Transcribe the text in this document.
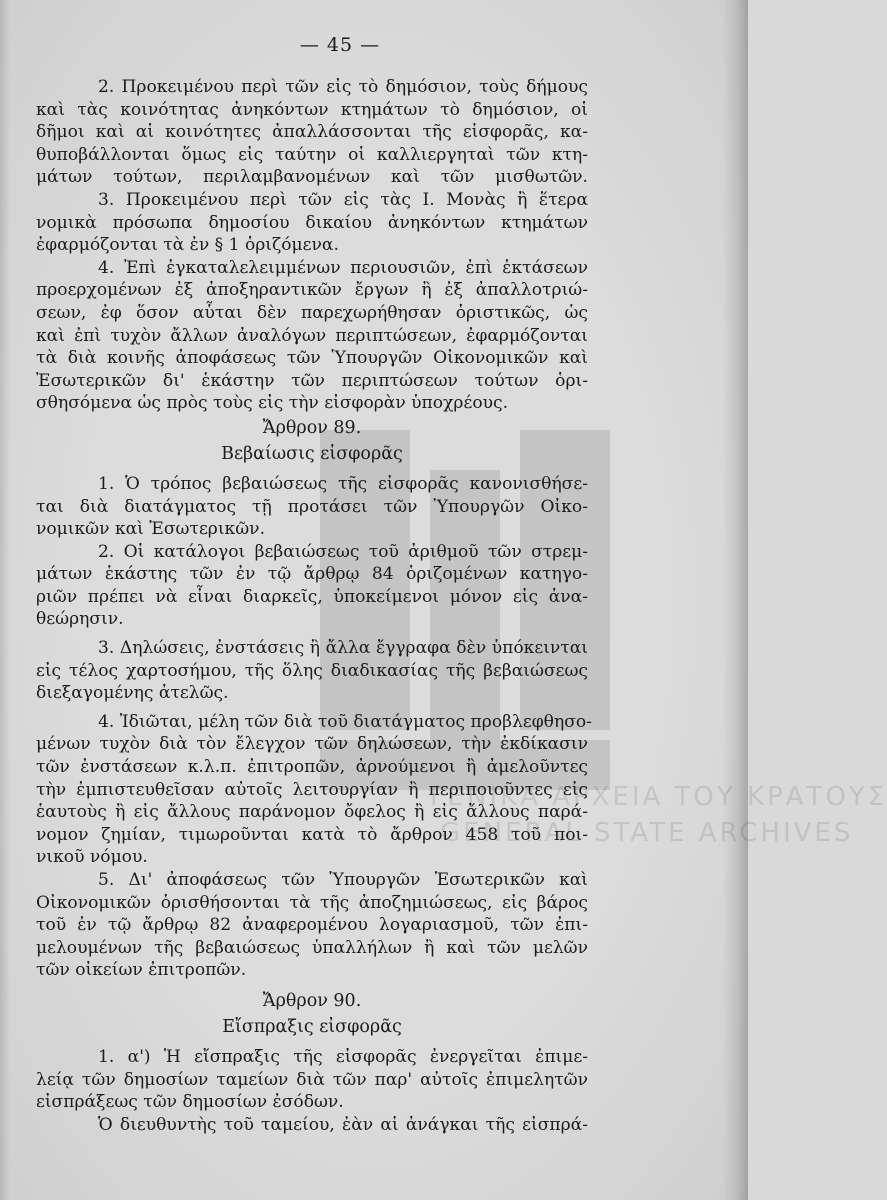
ΓΕΝΙΚΑ ΑΡΧΕΙΑ ΤΟΥ ΚΡΑΤΟΥΣ
GENERAL STATE ARCHIVES
— 45 —
2. Προκειμένου περὶ τῶν εἰς τὸ δημόσιον, τοὺς δήμους
καὶ τὰς κοινότητας ἀνηκόντων κτημάτων τὸ δημόσιον, οἱ
δῆμοι καὶ αἱ κοινότητες ἀπαλλάσσονται τῆς εἰσφορᾶς, κα-
θυποβάλλονται ὅμως εἰς ταύτην οἱ καλλιεργηταὶ τῶν κτη-
μάτων τούτων, περιλαμβανομένων καὶ τῶν μισθωτῶν.
3. Προκειμένου περὶ τῶν εἰς τὰς Ι. Μονὰς ἢ ἕτερα
νομικὰ πρόσωπα δημοσίου δικαίου ἀνηκόντων κτημάτων
ἐφαρμόζονται τὰ ἐν § 1 ὁριζόμενα.
4. Ἐπὶ ἐγκαταλελειμμένων περιουσιῶν, ἐπὶ ἐκτάσεων
προερχομένων ἐξ ἀποξηραντικῶν ἔργων ἢ ἐξ ἀπαλλοτριώ-
σεων, ἐφ ὅσον αὗται δὲν παρεχωρήθησαν ὁριστικῶς, ὡς
καὶ ἐπὶ τυχὸν ἄλλων ἀναλόγων περιπτώσεων, ἐφαρμόζονται
τὰ διὰ κοινῆς ἀποφάσεως τῶν Ὑπουργῶν Οἰκονομικῶν καὶ
Ἐσωτερικῶν δι' ἑκάστην τῶν περιπτώσεων τούτων ὁρι-
σθησόμενα ὡς πρὸς τοὺς εἰς τὴν εἰσφορὰν ὑποχρέους.
Ἄρθρον 89.
Βεβαίωσις εἰσφορᾶς
1. Ὁ τρόπος βεβαιώσεως τῆς εἰσφορᾶς κανονισθήσε-
ται διὰ διατάγματος τῇ προτάσει τῶν Ὑπουργῶν Οἰκο-
νομικῶν καὶ Ἐσωτερικῶν.
2. Οἱ κατάλογοι βεβαιώσεως τοῦ ἀριθμοῦ τῶν στρεμ-
μάτων ἑκάστης τῶν ἐν τῷ ἄρθρῳ 84 ὁριζομένων κατηγο-
ριῶν πρέπει νὰ εἶναι διαρκεῖς, ὑποκείμενοι μόνον εἰς ἀνα-
θεώρησιν.
3. Δηλώσεις, ἐνστάσεις ἢ ἄλλα ἔγγραφα δὲν ὑπόκεινται
εἰς τέλος χαρτοσήμου, τῆς ὅλης διαδικασίας τῆς βεβαιώσεως
διεξαγομένης ἀτελῶς.
4. Ἰδιῶται, μέλη τῶν διὰ τοῦ διατάγματος προβλεφθησο-
μένων τυχὸν διὰ τὸν ἔλεγχον τῶν δηλώσεων, τὴν ἐκδίκασιν
τῶν ἐνστάσεων κ.λ.π. ἐπιτροπῶν, ἀρνούμενοι ἢ ἀμελοῦντες
τὴν ἐμπιστευθεῖσαν αὐτοῖς λειτουργίαν ἢ περιποιοῦντες εἰς
ἑαυτοὺς ἢ εἰς ἄλλους παράνομον ὄφελος ἢ εἰς ἄλλους παρά-
νομον ζημίαν, τιμωροῦνται κατὰ τὸ ἄρθρον 458 τοῦ ποι-
νικοῦ νόμου.
5. Δι' ἀποφάσεως τῶν Ὑπουργῶν Ἐσωτερικῶν καὶ
Οἰκονομικῶν ὁρισθήσονται τὰ τῆς ἀποζημιώσεως, εἰς βάρος
τοῦ ἐν τῷ ἄρθρῳ 82 ἀναφερομένου λογαριασμοῦ, τῶν ἐπι-
μελουμένων τῆς βεβαιώσεως ὑπαλλήλων ἢ καὶ τῶν μελῶν
τῶν οἰκείων ἐπιτροπῶν.
Ἄρθρον 90.
Εἴσπραξις εἰσφορᾶς
1. α') Ἡ εἴσπραξις τῆς εἰσφορᾶς ἐνεργεῖται ἐπιμε-
λείᾳ τῶν δημοσίων ταμείων διὰ τῶν παρ' αὐτοῖς ἐπιμελητῶν
εἰσπράξεως τῶν δημοσίων ἐσόδων.
Ὁ διευθυντὴς τοῦ ταμείου, ἐὰν αἱ ἀνάγκαι τῆς εἰσπρά-
